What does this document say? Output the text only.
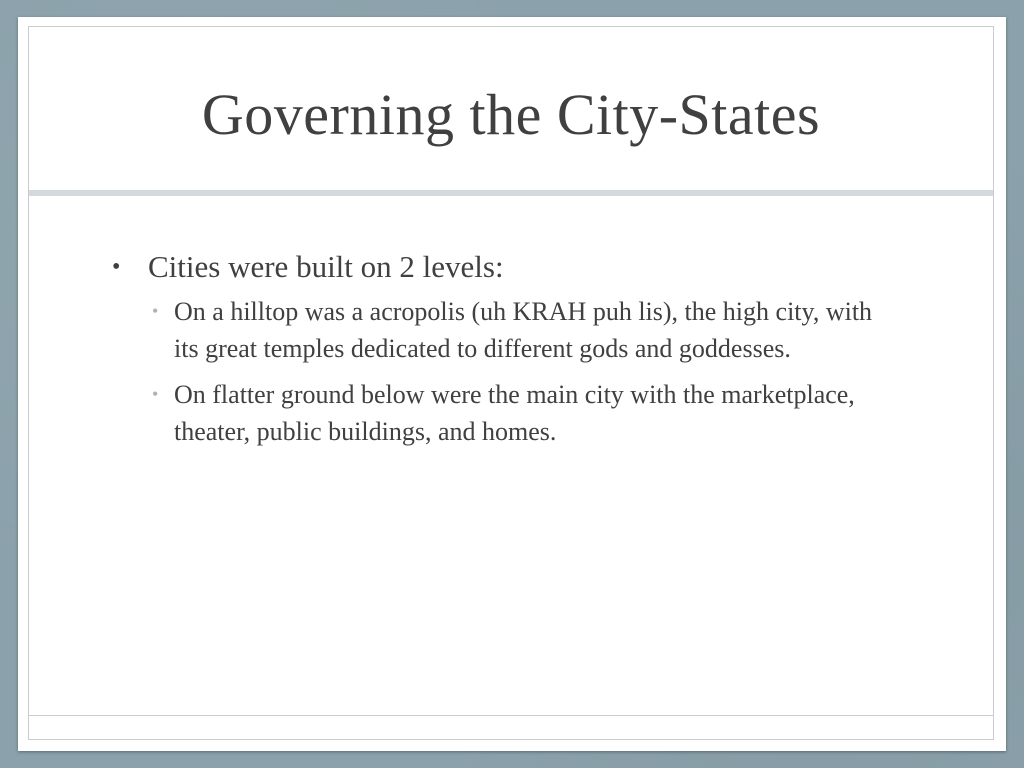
Governing the City-States
• Cities were built on 2 levels:
• On a hilltop was a acropolis (uh KRAH puh lis), the high city, with its great temples dedicated to different gods and goddesses.
• On flatter ground below were the main city with the marketplace, theater, public buildings, and homes.
